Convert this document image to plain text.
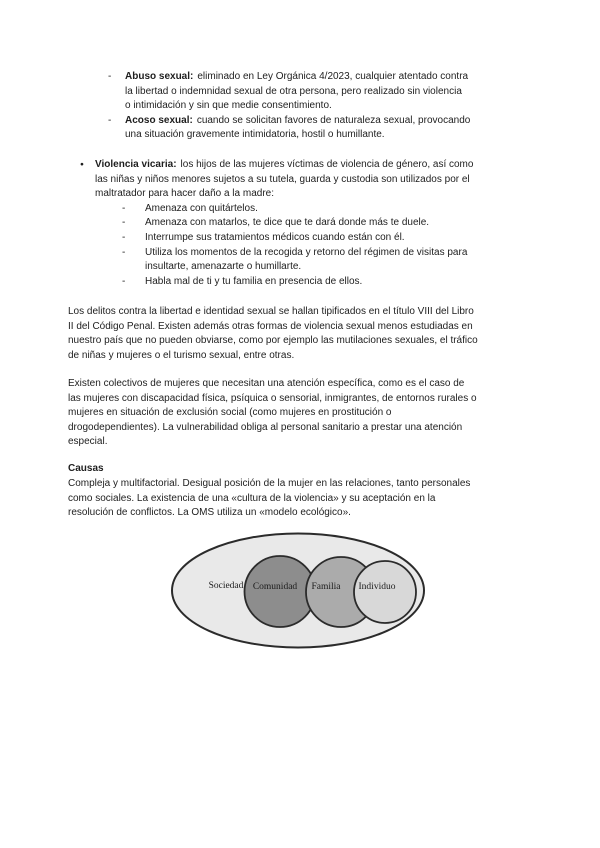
-	Abuso sexual: eliminado en Ley Orgánica 4/2023, cualquier atentado contra
la libertad o indemnidad sexual de otra persona, pero realizado sin violencia
o intimidación y sin que medie consentimiento.
-	Acoso sexual: cuando se solicitan favores de naturaleza sexual, provocando
una situación gravemente intimidatoria, hostil o humillante.
●	Violencia vicaria: los hijos de las mujeres víctimas de violencia de género, así como
las niñas y niños menores sujetos a su tutela, guarda y custodia son utilizados por el
maltratador para hacer daño a la madre:
-	Amenaza con quitártelos.
-	Amenaza con matarlos, te dice que te dará donde más te duele.
-	Interrumpe sus tratamientos médicos cuando están con él.
-	Utiliza los momentos de la recogida y retorno del régimen de visitas para
insultarte, amenazarte o humillarte.
-	Habla mal de ti y tu familia en presencia de ellos.
Los delitos contra la libertad e identidad sexual se hallan tipificados en el título VIII del Libro
II del Código Penal. Existen además otras formas de violencia sexual menos estudiadas en
nuestro país que no pueden obviarse, como por ejemplo las mutilaciones sexuales, el tráfico
de niñas y mujeres o el turismo sexual, entre otras.
Existen colectivos de mujeres que necesitan una atención específica, como es el caso de
las mujeres con discapacidad física, psíquica o sensorial, inmigrantes, de entornos rurales o
mujeres en situación de exclusión social (como mujeres en prostitución o
drogodependientes). La vulnerabilidad obliga al personal sanitario a prestar una atención
especial.
Causas
Compleja y multifactorial. Desigual posición de la mujer en las relaciones, tanto personales
como sociales. La existencia de una «cultura de la violencia» y su aceptación en la
resolución de conflictos. La OMS utiliza un «modelo ecológico».
Sociedad Comunidad Familia Individuo
